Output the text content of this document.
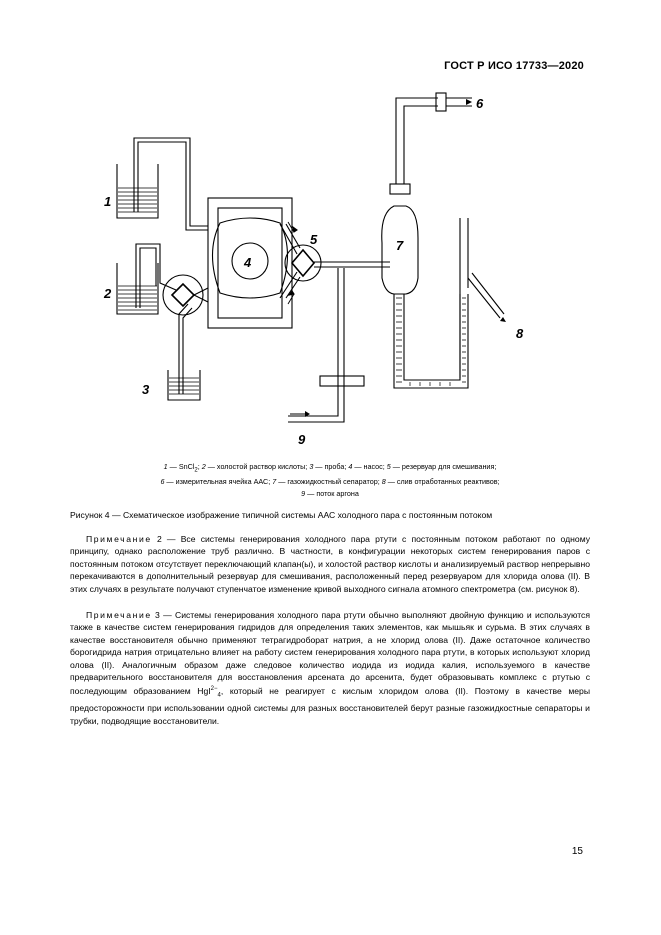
ГОСТ Р ИСО 17733—2020
1
2
3
4
5
6
7
8
9
1 — SnCl$_2$; 2 — холостой раствор кислоты; 3 — проба; 4 — насос; 5 — резервуар для смешивания;
6 — измерительная ячейка ААС; 7 — газожидкостный сепаратор; 8 — слив отработанных реактивов;
9 — поток аргона
Рисунок 4 — Схематическое изображение типичной системы ААС холодного пара с постоянным потоком
Примечание 2 — Все системы генерирования холодного пара ртути с постоянным потоком работают по одному принципу, однако расположение труб различно. В частности, в конфигурации некоторых систем генерирования паров с постоянным потоком отсутствует переключающий клапан(ы), и холостой раствор кислоты и анализируемый раствор непрерывно перекачиваются в дополнительный резервуар для смешивания, расположенный перед резервуаром для хлорида олова (II). В этих случаях в результате получают ступенчатое изменение кривой выходного сигнала атомного спектрометра (см. рисунок 8).
Примечание 3 — Системы генерирования холодного пара ртути обычно выполняют двойную функцию и используются также в качестве систем генерирования гидридов для определения таких элементов, как мышьяк и сурьма. В этих случаях в качестве восстановителя обычно применяют тетрагидроборат натрия, а не хлорид олова (II). Даже остаточное количество борогидрида натрия отрицательно влияет на работу систем генерирования холодного пара ртути, в которых используют хлорид олова (II). Аналогичным образом даже следовое количество иодида из иодида калия, используемого в качестве предварительного восстановителя для восстановления арсената до арсенита, будет образовывать комплекс с ртутью с последующим образованием HgI$^{2-}_4$, который не реагирует с кислым хлоридом олова (II). Поэтому в качестве меры предосторожности при использовании одной системы для разных восстановителей берут разные газожидкостные сепараторы и трубки, подводящие восстановители.
15
